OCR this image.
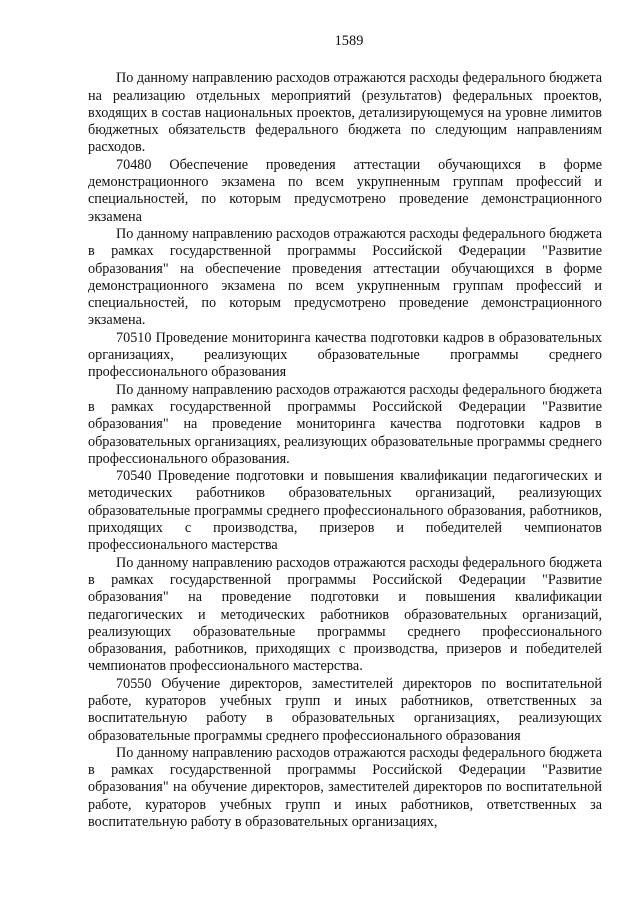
1589

По данному направлению расходов отражаются расходы федерального бюджета на реализацию отдельных мероприятий (результатов) федеральных проектов, входящих в состав национальных проектов, детализирующемуся на уровне лимитов бюджетных обязательств федерального бюджета по следующим направлениям расходов.

70480 Обеспечение проведения аттестации обучающихся в форме демонстрационного экзамена по всем укрупненным группам профессий и специальностей, по которым предусмотрено проведение демонстрационного экзамена

По данному направлению расходов отражаются расходы федерального бюджета в рамках государственной программы Российской Федерации "Развитие образования" на обеспечение проведения аттестации обучающихся в форме демонстрационного экзамена по всем укрупненным группам профессий и специальностей, по которым предусмотрено проведение демонстрационного экзамена.

70510 Проведение мониторинга качества подготовки кадров в образовательных организациях, реализующих образовательные программы среднего профессионального образования

По данному направлению расходов отражаются расходы федерального бюджета в рамках государственной программы Российской Федерации "Развитие образования" на проведение мониторинга качества подготовки кадров в образовательных организациях, реализующих образовательные программы среднего профессионального образования.

70540 Проведение подготовки и повышения квалификации педагогических и методических работников образовательных организаций, реализующих образовательные программы среднего профессионального образования, работников, приходящих с производства, призеров и победителей чемпионатов профессионального мастерства

По данному направлению расходов отражаются расходы федерального бюджета в рамках государственной программы Российской Федерации "Развитие образования" на проведение подготовки и повышения квалификации педагогических и методических работников образовательных организаций, реализующих образовательные программы среднего профессионального образования, работников, приходящих с производства, призеров и победителей чемпионатов профессионального мастерства.

70550 Обучение директоров, заместителей директоров по воспитательной работе, кураторов учебных групп и иных работников, ответственных за воспитательную работу в образовательных организациях, реализующих образовательные программы среднего профессионального образования

По данному направлению расходов отражаются расходы федерального бюджета в рамках государственной программы Российской Федерации "Развитие образования" на обучение директоров, заместителей директоров по воспитательной работе, кураторов учебных групп и иных работников, ответственных за воспитательную работу в образовательных организациях,
